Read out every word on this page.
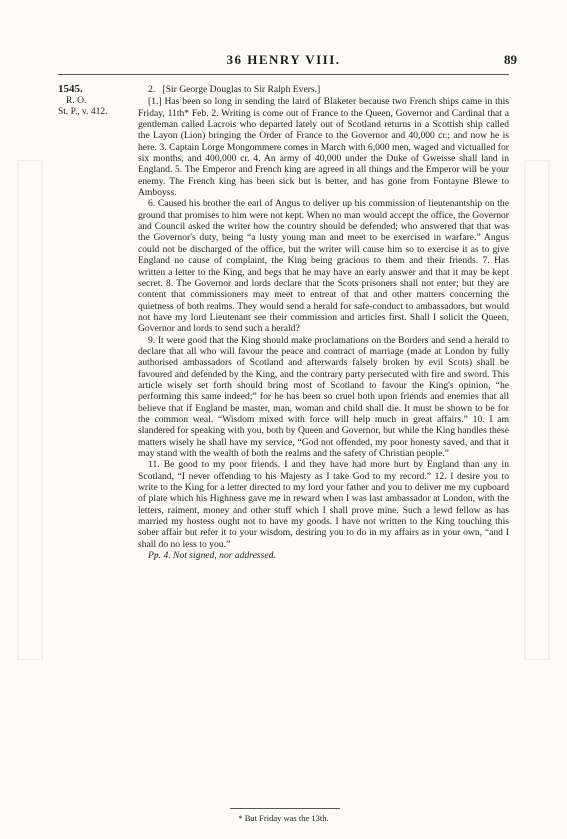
36 HENRY VIII.	89
1545.
R. O.
St. P., v. 412.

2. [Sir George Douglas to Sir Ralph Evers.]

[1.] Has been so long in sending the laird of Blaketer because two French ships came in this Friday, 11th* Feb. 2. Writing is come out of France to the Queen, Governor and Cardinal that a gentleman called Lacrois who departed lately out of Scotland returns in a Scottish ship called the Layon (Lion) bringing the Order of France to the Governor and 40,000 cr.; and now he is here. 3. Captain Lorge Mongommere comes in March with 6,000 men, waged and victualled for six months, and 400,000 cr. 4. An army of 40,000 under the Duke of Gweisse shall land in England. 5. The Emperor and French king are agreed in all things and the Emperor will be your enemy. The French king has been sick but is better, and has gone from Fontayne Blewe to Amboyss.

6. Caused his brother the earl of Angus to deliver up his commission of lieutenantship on the ground that promises to him were not kept. When no man would accept the office, the Governor and Council asked the writer how the country should be defended; who answered that that was the Governor's duty, being “a lusty young man and meet to be exercised in warfare.” Angus could not be discharged of the office, but the writer will cause him so to exercise it as to give England no cause of complaint, the King being gracious to them and their friends. 7. Has written a letter to the King, and begs that he may have an early answer and that it may be kept secret. 8. The Governor and lords declare that the Scots prisoners shall not enter; but they are content that commissioners may meet to entreat of that and other matters concerning the quietness of both realms. They would send a herald for safe-conduct to ambassadors, but would not have my lord Lieutenant see their commission and articles first. Shall I solicit the Queen, Governor and lords to send such a herald?

9. It were good that the King should make proclamations on the Borders and send a herald to declare that all who will favour the peace and contract of marriage (made at London by fully authorised ambassadors of Scotland and afterwards falsely broken by evil Scots) shall be favoured and defended by the King, and the contrary party persecuted with fire and sword. This article wisely set forth should bring most of Scotland to favour the King's opinion, “he performing this same indeed;” for he has been so cruel both upon friends and enemies that all believe that if England be master, man, woman and child shall die. It must be shown to be for the common weal. “Wisdom mixed with force will help much in great affairs.” 10. I am slandered for speaking with you, both by Queen and Governor, but while the King handles these matters wisely he shall have my service, “God not offended, my poor honesty saved, and that it may stand with the wealth of both the realms and the safety of Christian people.”

11. Be good to my poor friends. I and they have had more hurt by England than any in Scotland, “I never offending to his Majesty as I take God to my record.” 12. I desire you to write to the King for a letter directed to my lord your father and you to deliver me my cupboard of plate which his Highness gave me in reward when I was last ambassador at London, with the letters, raiment, money and other stuff which I shall prove mine. Such a lewd fellow as has married my hostess ought not to have my goods. I have not written to the King touching this sober affair but refer it to your wisdom, desiring you to do in my affairs as in your own, “and I shall do no less to you.”

Pp. 4. Not signed, nor addressed.

* But Friday was the 13th.
